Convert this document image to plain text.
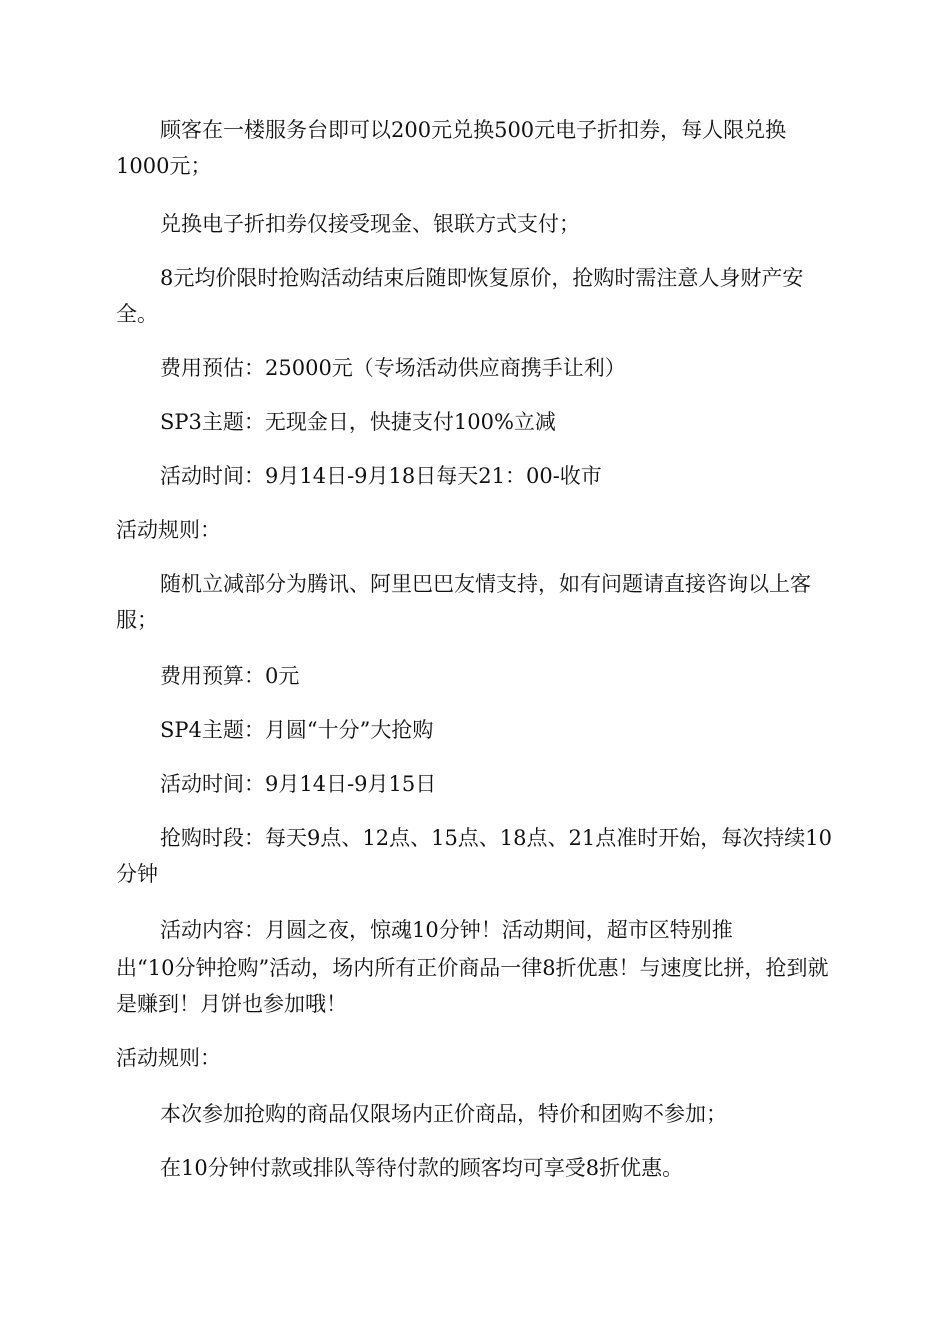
顾客在一楼服务台即可以200元兑换500元电子折扣券，每人限兑换1000元；

兑换电子折扣券仅接受现金、银联方式支付；

8元均价限时抢购活动结束后随即恢复原价，抢购时需注意人身财产安全。

费用预估：25000元（专场活动供应商携手让利）

SP3主题：无现金日，快捷支付100%立减

活动时间：9月14日-9月18日每天21：00-收市

活动规则：

随机立减部分为腾讯、阿里巴巴友情支持，如有问题请直接咨询以上客服；

费用预算：0元

SP4主题：月圆“十分”大抢购

活动时间：9月14日-9月15日

抢购时段：每天9点、12点、15点、18点、21点准时开始，每次持续10分钟

活动内容：月圆之夜，惊魂10分钟！活动期间，超市区特别推

出“10分钟抢购”活动，场内所有正价商品一律8折优惠！与速度比拼，抢到就是赚到！月饼也参加哦！

活动规则：

本次参加抢购的商品仅限场内正价商品，特价和团购不参加；

在10分钟付款或排队等待付款的顾客均可享受8折优惠。
